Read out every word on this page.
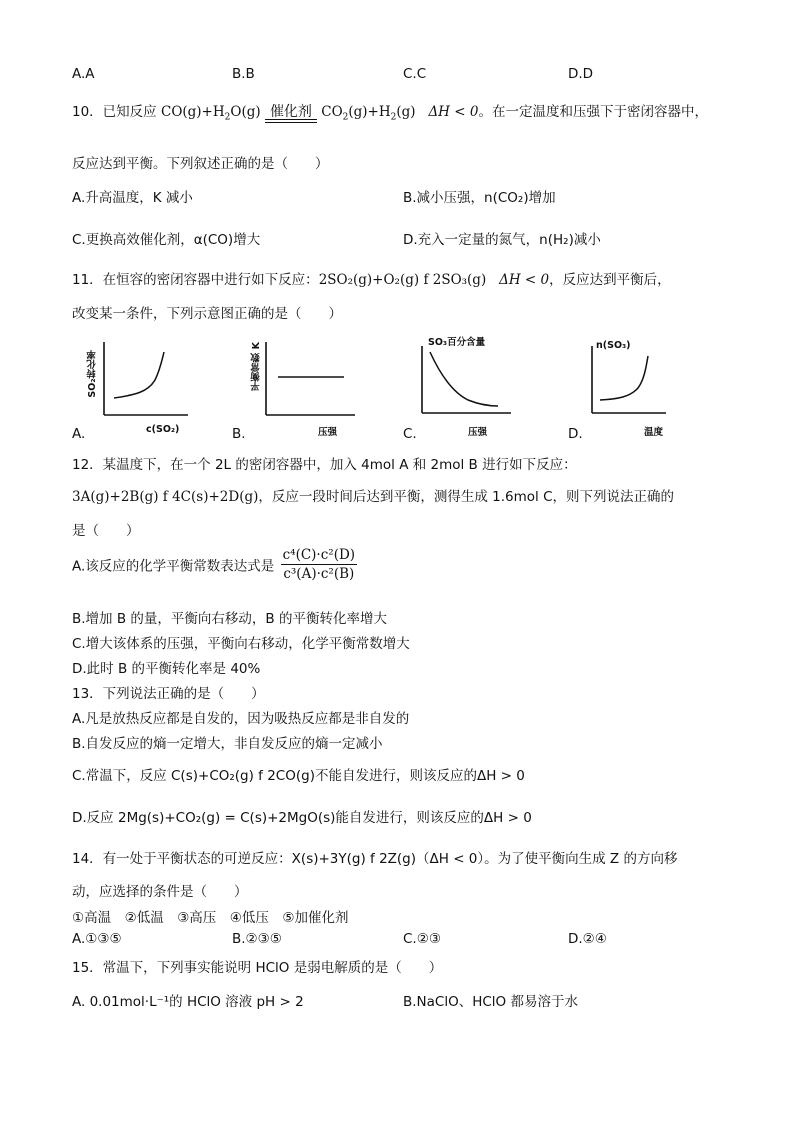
A.A	B.B	C.C	D.D
10．已知反应 $CO(g)+H_2O(g)$ 催化剂 $CO_2(g)+H_2(g) \Delta H < 0$。在一定温度和压强下于密闭容器中，
反应达到平衡。下列叙述正确的是（　　）
A.升高温度，K 减小	B.减小压强，n(CO₂)增加
C.更换高效催化剂，α(CO)增大	D.充入一定量的氮气，n(H₂)减小
11．在恒容的密闭容器中进行如下反应：2SO₂(g)+O₂(g) f 2SO₃(g) ΔH < 0，反应达到平衡后，
改变某一条件，下列示意图正确的是（　　）
A.
SO₂转化率
c(SO₂)	B.
平衡常数 K
压强	C.
SO₃百分含量
压强	D.
n(SO₃)
温度
12．某温度下，在一个 2L 的密闭容器中，加入 4mol A 和 2mol B 进行如下反应：
3A(g)+2B(g) f 4C(s)+2D(g)，反应一段时间后达到平衡，测得生成 1.6mol C，则下列说法正确的
是（　　）
A.该反应的化学平衡常数表达式是 $\frac{\text{c⁴(C)·c²(D)}}{\text{c³(A)·c²(B)}}$
B.增加 B 的量，平衡向右移动，B 的平衡转化率增大
C.增大该体系的压强，平衡向右移动，化学平衡常数增大
D.此时 B 的平衡转化率是 40%
13．下列说法正确的是（　　）
A.凡是放热反应都是自发的，因为吸热反应都是非自发的
B.自发反应的熵一定增大，非自发反应的熵一定减小
C.常温下，反应 C(s)+CO₂(g) f 2CO(g)不能自发进行，则该反应的ΔH > 0
D.反应 2Mg(s)+CO₂(g) = C(s)+2MgO(s)能自发进行，则该反应的ΔH > 0
14．有一处于平衡状态的可逆反应：X(s)+3Y(g) f 2Z(g)（ΔH < 0）。为了使平衡向生成 Z 的方向移
动，应选择的条件是（　　）
①高温　②低温　③高压　④低压　⑤加催化剂
A.①③⑤	B.②③⑤	C.②③	D.②④
15．常温下，下列事实能说明 HClO 是弱电解质的是（　　）
A. 0.01mol·L⁻¹的 HClO 溶液 pH > 2	B.NaClO、HClO 都易溶于水
